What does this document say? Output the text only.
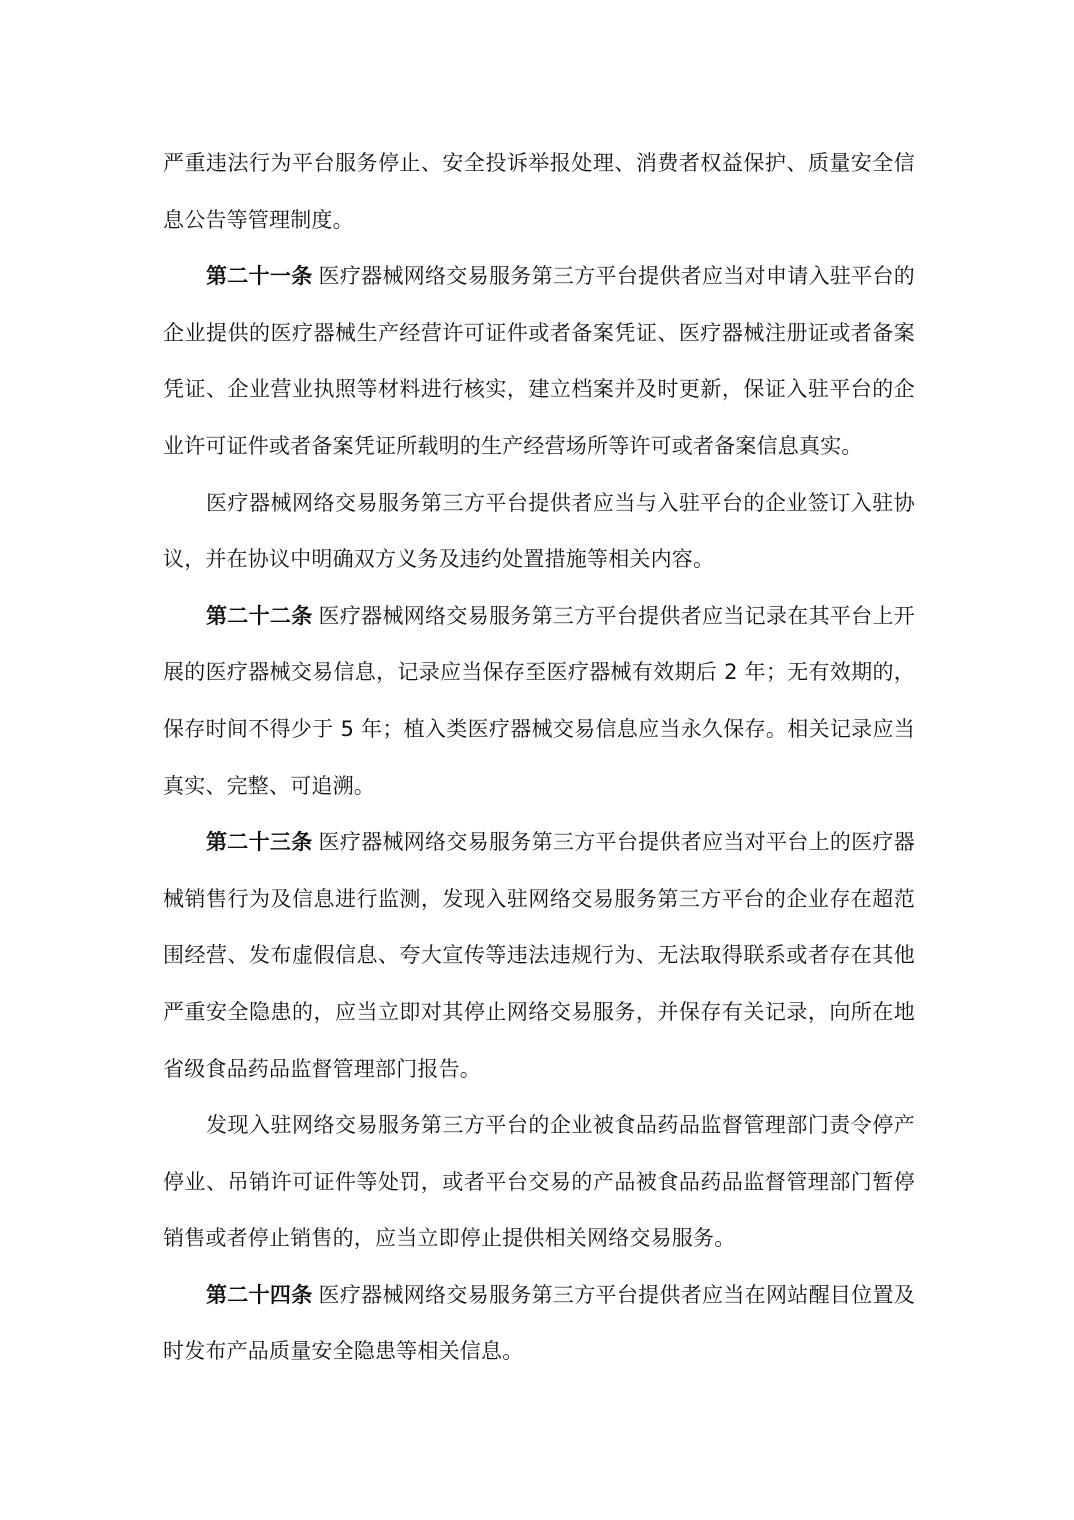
严重违法行为平台服务停止、安全投诉举报处理、消费者权益保护、质量安全信息公告等管理制度。

第二十一条 医疗器械网络交易服务第三方平台提供者应当对申请入驻平台的企业提供的医疗器械生产经营许可证件或者备案凭证、医疗器械注册证或者备案凭证、企业营业执照等材料进行核实，建立档案并及时更新，保证入驻平台的企业许可证件或者备案凭证所载明的生产经营场所等许可或者备案信息真实。

医疗器械网络交易服务第三方平台提供者应当与入驻平台的企业签订入驻协议，并在协议中明确双方义务及违约处置措施等相关内容。

第二十二条 医疗器械网络交易服务第三方平台提供者应当记录在其平台上开展的医疗器械交易信息，记录应当保存至医疗器械有效期后 2 年；无有效期的，保存时间不得少于 5 年；植入类医疗器械交易信息应当永久保存。相关记录应当真实、完整、可追溯。

第二十三条 医疗器械网络交易服务第三方平台提供者应当对平台上的医疗器械销售行为及信息进行监测，发现入驻网络交易服务第三方平台的企业存在超范围经营、发布虚假信息、夸大宣传等违法违规行为、无法取得联系或者存在其他严重安全隐患的，应当立即对其停止网络交易服务，并保存有关记录，向所在地省级食品药品监督管理部门报告。

发现入驻网络交易服务第三方平台的企业被食品药品监督管理部门责令停产停业、吊销许可证件等处罚，或者平台交易的产品被食品药品监督管理部门暂停销售或者停止销售的，应当立即停止提供相关网络交易服务。

第二十四条 医疗器械网络交易服务第三方平台提供者应当在网站醒目位置及时发布产品质量安全隐患等相关信息。
